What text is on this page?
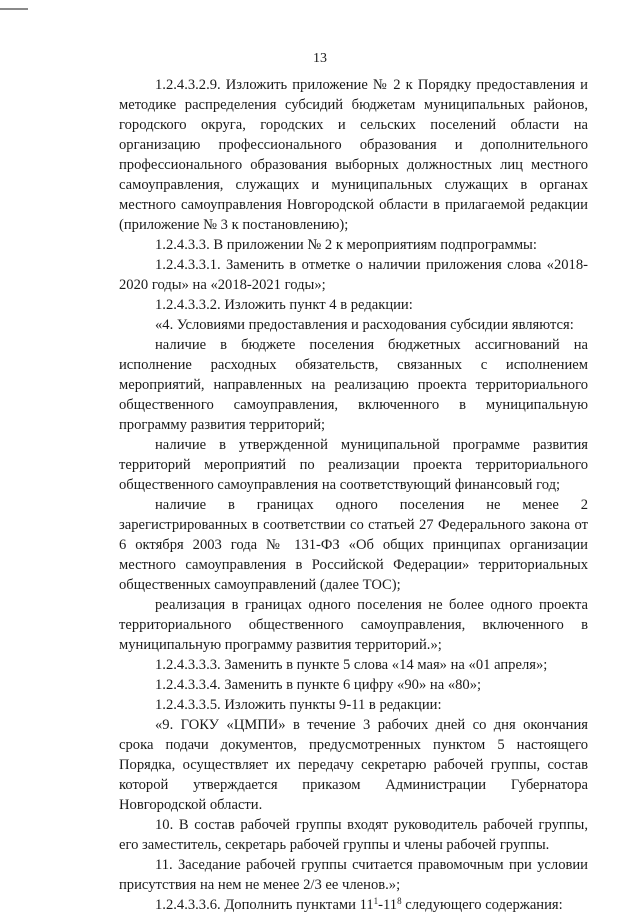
13

1.2.4.3.2.9. Изложить приложение № 2 к Порядку предоставления и методике распределения субсидий бюджетам муниципальных районов, городского округа, городских и сельских поселений области на организацию профессионального образования и дополнительного профессионального образования выборных должностных лиц местного самоуправления, служащих и муниципальных служащих в органах местного самоуправления Новгородской области в прилагаемой редакции (приложение № 3 к постановлению);

1.2.4.3.3. В приложении № 2 к мероприятиям подпрограммы:

1.2.4.3.3.1. Заменить в отметке о наличии приложения слова «2018-2020 годы» на «2018-2021 годы»;

1.2.4.3.3.2. Изложить пункт 4 в редакции:

«4. Условиями предоставления и расходования субсидии являются:

наличие в бюджете поселения бюджетных ассигнований на исполнение расходных обязательств, связанных с исполнением мероприятий, направленных на реализацию проекта территориального общественного самоуправления, включенного в муниципальную программу развития территорий;

наличие в утвержденной муниципальной программе развития территорий мероприятий по реализации проекта территориального общественного самоуправления на соответствующий финансовый год;

наличие в границах одного поселения не менее 2 зарегистрированных в соответствии со статьей 27 Федерального закона от 6 октября 2003 года № 131-ФЗ «Об общих принципах организации местного самоуправления в Российской Федерации» территориальных общественных самоуправлений (далее ТОС);

реализация в границах одного поселения не более одного проекта территориального общественного самоуправления, включенного в муниципальную программу развития территорий.»;

1.2.4.3.3.3. Заменить в пункте 5 слова «14 мая» на «01 апреля»;

1.2.4.3.3.4. Заменить в пункте 6 цифру «90» на «80»;

1.2.4.3.3.5. Изложить пункты 9-11 в редакции:

«9. ГОКУ «ЦМПИ» в течение 3 рабочих дней со дня окончания срока подачи документов, предусмотренных пунктом 5 настоящего Порядка, осуществляет их передачу секретарю рабочей группы, состав которой утверждается приказом Администрации Губернатора Новгородской области.

10. В состав рабочей группы входят руководитель рабочей группы, его заместитель, секретарь рабочей группы и члены рабочей группы.

11. Заседание рабочей группы считается правомочным при условии присутствия на нем не менее 2/3 ее членов.»;

1.2.4.3.3.6. Дополнить пунктами $11^1-11^8$ следующего содержания:
